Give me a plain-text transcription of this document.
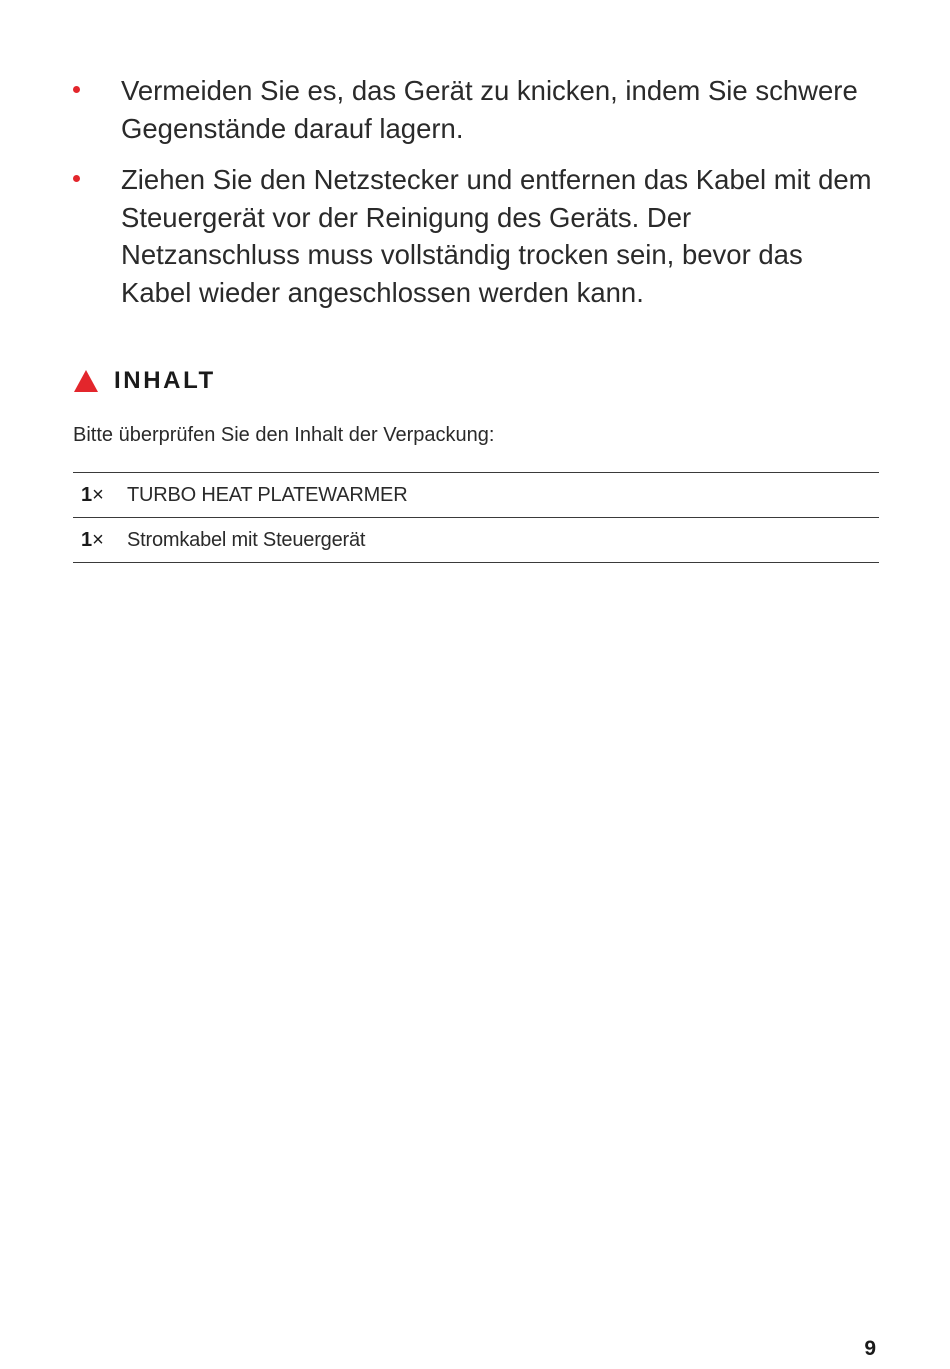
Vermeiden Sie es, das Gerät zu knicken, indem Sie schwere Gegenstände darauf lagern.
Ziehen Sie den Netzstecker und entfernen das Kabel mit dem Steuergerät vor der Reinigung des Geräts. Der Netzanschluss muss vollständig trocken sein, bevor das Kabel wieder angeschlossen werden kann.
INHALT
Bitte überprüfen Sie den Inhalt der Verpackung:
1×	TURBO HEAT PLATEWARMER
1×	Stromkabel mit Steuergerät
9
